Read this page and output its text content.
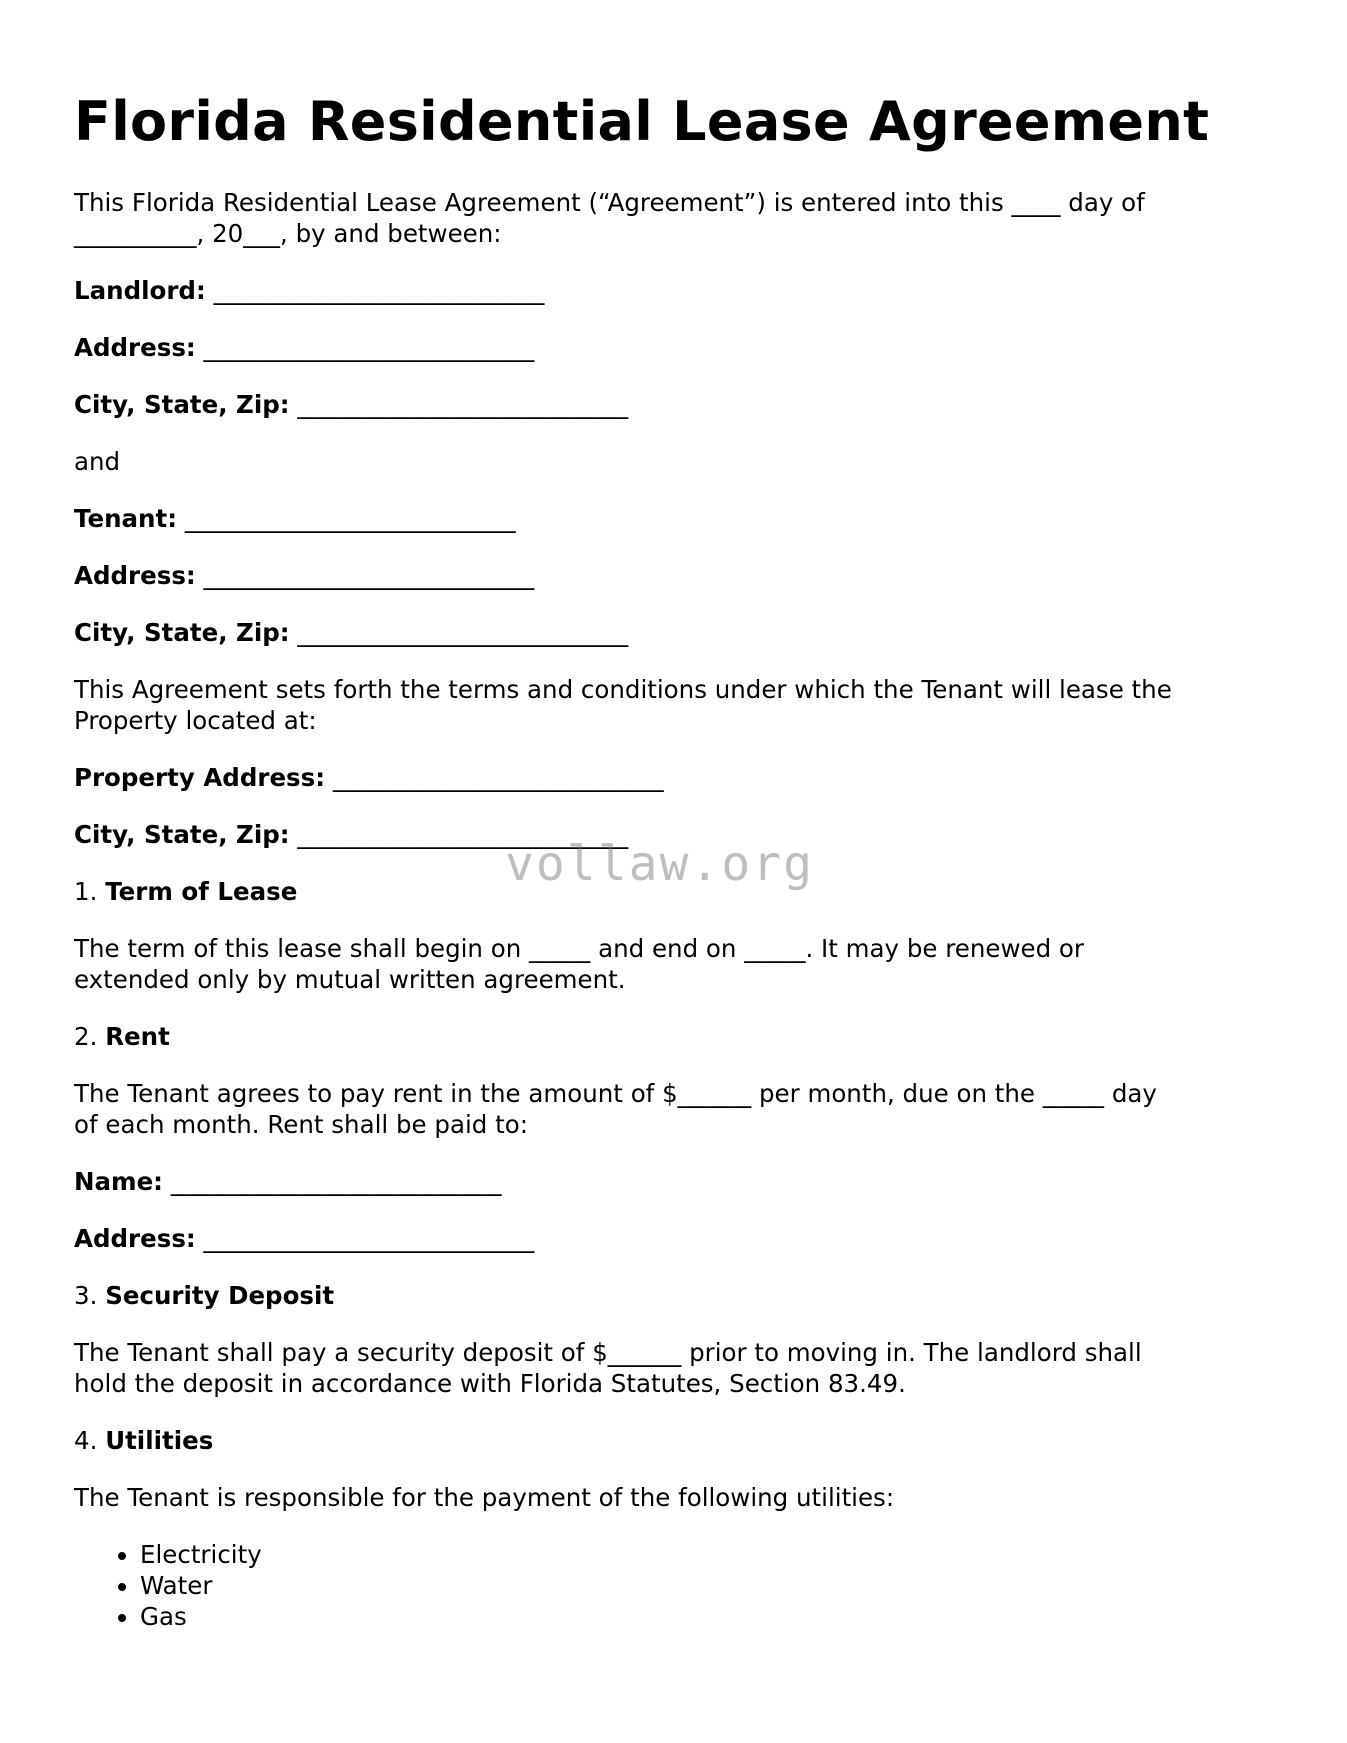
Florida Residential Lease Agreement

This Florida Residential Lease Agreement (“Agreement”) is entered into this ____ day of
__________, 20___, by and between:

Landlord: ___________________________

Address: ___________________________

City, State, Zip: ___________________________

and

Tenant: ___________________________

Address: ___________________________

City, State, Zip: ___________________________

This Agreement sets forth the terms and conditions under which the Tenant will lease the
Property located at:

Property Address: ___________________________

City, State, Zip: ___________________________

1. Term of Lease

The term of this lease shall begin on _____ and end on _____. It may be renewed or
extended only by mutual written agreement.

2. Rent

The Tenant agrees to pay rent in the amount of $______ per month, due on the _____ day
of each month. Rent shall be paid to:

Name: ___________________________

Address: ___________________________

3. Security Deposit

The Tenant shall pay a security deposit of $______ prior to moving in. The landlord shall
hold the deposit in accordance with Florida Statutes, Section 83.49.

4. Utilities

The Tenant is responsible for the payment of the following utilities:

• Electricity
• Water
• Gas
vollaw.org
